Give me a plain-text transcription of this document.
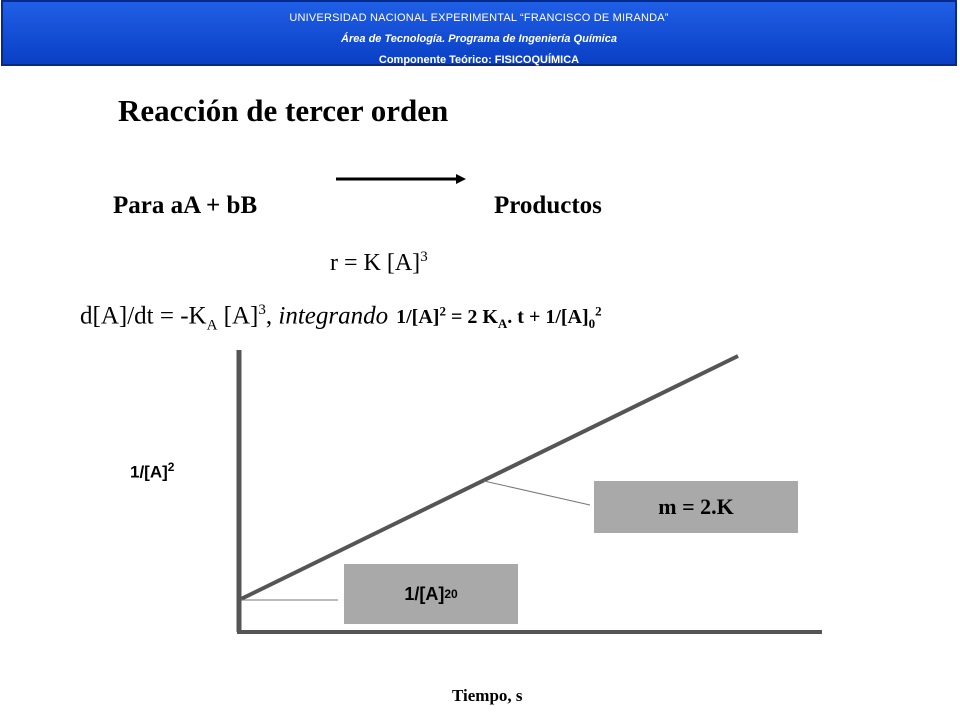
UNIVERSIDAD NACIONAL EXPERIMENTAL “FRANCISCO DE MIRANDA”
Área de Tecnología. Programa de Ingeniería Química
Componente Teórico: FISICOQUÍMICA
Reacción de tercer orden
Para aA + bB	Productos
r = K $[A]^3$
$d[A]/dt = -K_A$ $[A]^3$, integrando $1/[A]^2 = 2$ $K_A$. $t + 1/[A]_0^2$
$1/[A]^2$
m = 2.K
1/[A] 2 0
Tiempo, s
